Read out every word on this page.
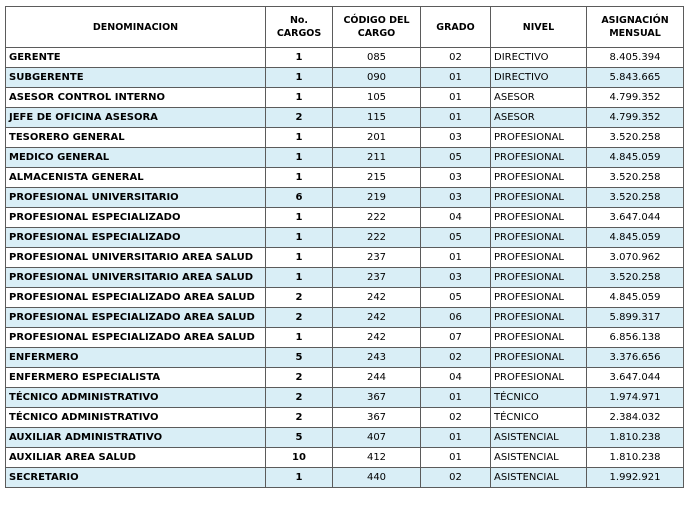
DENOMINACION	No. CARGOS	CÓDIGO DEL CARGO	GRADO	NIVEL	ASIGNACIÓN MENSUAL
GERENTE	1	085	02	DIRECTIVO	8.405.394
SUBGERENTE	1	090	01	DIRECTIVO	5.843.665
ASESOR CONTROL INTERNO	1	105	01	ASESOR	4.799.352
JEFE DE OFICINA ASESORA	2	115	01	ASESOR	4.799.352
TESORERO GENERAL	1	201	03	PROFESIONAL	3.520.258
MEDICO GENERAL	1	211	05	PROFESIONAL	4.845.059
ALMACENISTA GENERAL	1	215	03	PROFESIONAL	3.520.258
PROFESIONAL UNIVERSITARIO	6	219	03	PROFESIONAL	3.520.258
PROFESIONAL ESPECIALIZADO	1	222	04	PROFESIONAL	3.647.044
PROFESIONAL ESPECIALIZADO	1	222	05	PROFESIONAL	4.845.059
PROFESIONAL UNIVERSITARIO AREA SALUD	1	237	01	PROFESIONAL	3.070.962
PROFESIONAL UNIVERSITARIO AREA SALUD	1	237	03	PROFESIONAL	3.520.258
PROFESIONAL ESPECIALIZADO AREA SALUD	2	242	05	PROFESIONAL	4.845.059
PROFESIONAL ESPECIALIZADO AREA SALUD	2	242	06	PROFESIONAL	5.899.317
PROFESIONAL ESPECIALIZADO AREA SALUD	1	242	07	PROFESIONAL	6.856.138
ENFERMERO	5	243	02	PROFESIONAL	3.376.656
ENFERMERO ESPECIALISTA	2	244	04	PROFESIONAL	3.647.044
TÉCNICO ADMINISTRATIVO	2	367	01	TÉCNICO	1.974.971
TÉCNICO ADMINISTRATIVO	2	367	02	TÉCNICO	2.384.032
AUXILIAR ADMINISTRATIVO	5	407	01	ASISTENCIAL	1.810.238
AUXILIAR AREA SALUD	10	412	01	ASISTENCIAL	1.810.238
SECRETARIO	1	440	02	ASISTENCIAL	1.992.921
